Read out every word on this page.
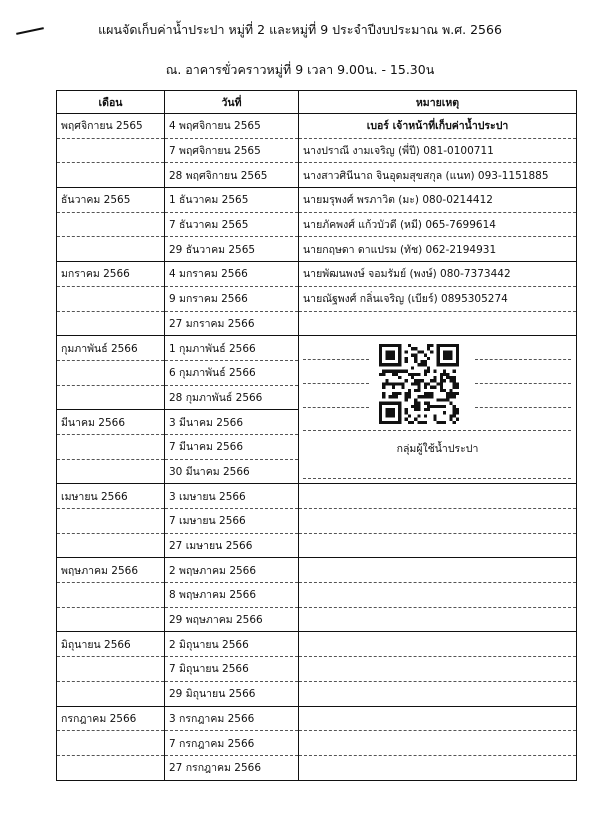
แผนจัดเก็บค่าน้ำประปา หมู่ที่ 2 และหมู่ที่ 9 ประจำปีงบประมาณ พ.ศ. 2566
ณ. อาคารขั่วคราวหมู่ที่ 9 เวลา 9.00น. - 15.30น
เดือน	วันที่	หมายเหตุ
พฤศจิกายน 2565	4 พฤศจิกายน 2565	เบอร์ เจ้าหน้าที่เก็บค่าน้ำประปา
	7 พฤศจิกายน 2565	นางปราณี งามเจริญ (พี่ปี) 081-0100711
	28 พฤศจิกายน 2565	นางสาวศินีนาถ จินอุดมสุขสกุล (แนท) 093-1151885
ธันวาคม 2565	1 ธันวาคม 2565	นายมรุพงศ์ พรภาวิต (มะ) 080-0214412
	7 ธันวาคม 2565	นายภัคพงศ์ แก้วบัวดี (หมี) 065-7699614
	29 ธันวาคม 2565	นายกฤษดา ดาแปรม (ทัช) 062-2194931
มกราคม 2566	4 มกราคม 2566	นายพัฒนพงษ์ จอมรัมย์ (พงษ์) 080-7373442
	9 มกราคม 2566	นายณัฐพงศ์ กลิ่นเจริญ (เบียร์) 0895305274
	27 มกราคม 2566	
กุมภาพันธ์ 2566	1 กุมภาพันธ์ 2566	กลุ่มผู้ใช้น้ำประปา

	6 กุมภาพันธ์ 2566	
	28 กุมภาพันธ์ 2566	
มีนาคม 2566	3 มีนาคม 2566	
	7 มีนาคม 2566	
	30 มีนาคม 2566	
เมษายน 2566	3 เมษายน 2566	
	7 เมษายน 2566	
	27 เมษายน 2566	
พฤษภาคม 2566	2 พฤษภาคม 2566	
	8 พฤษภาคม 2566	
	29 พฤษภาคม 2566	
มิถุนายน 2566	2 มิถุนายน 2566	
	7 มิถุนายน 2566	
	29 มิถุนายน 2566	
กรกฎาคม 2566	3 กรกฎาคม 2566	
	7 กรกฎาคม 2566	
	27 กรกฎาคม 2566	
